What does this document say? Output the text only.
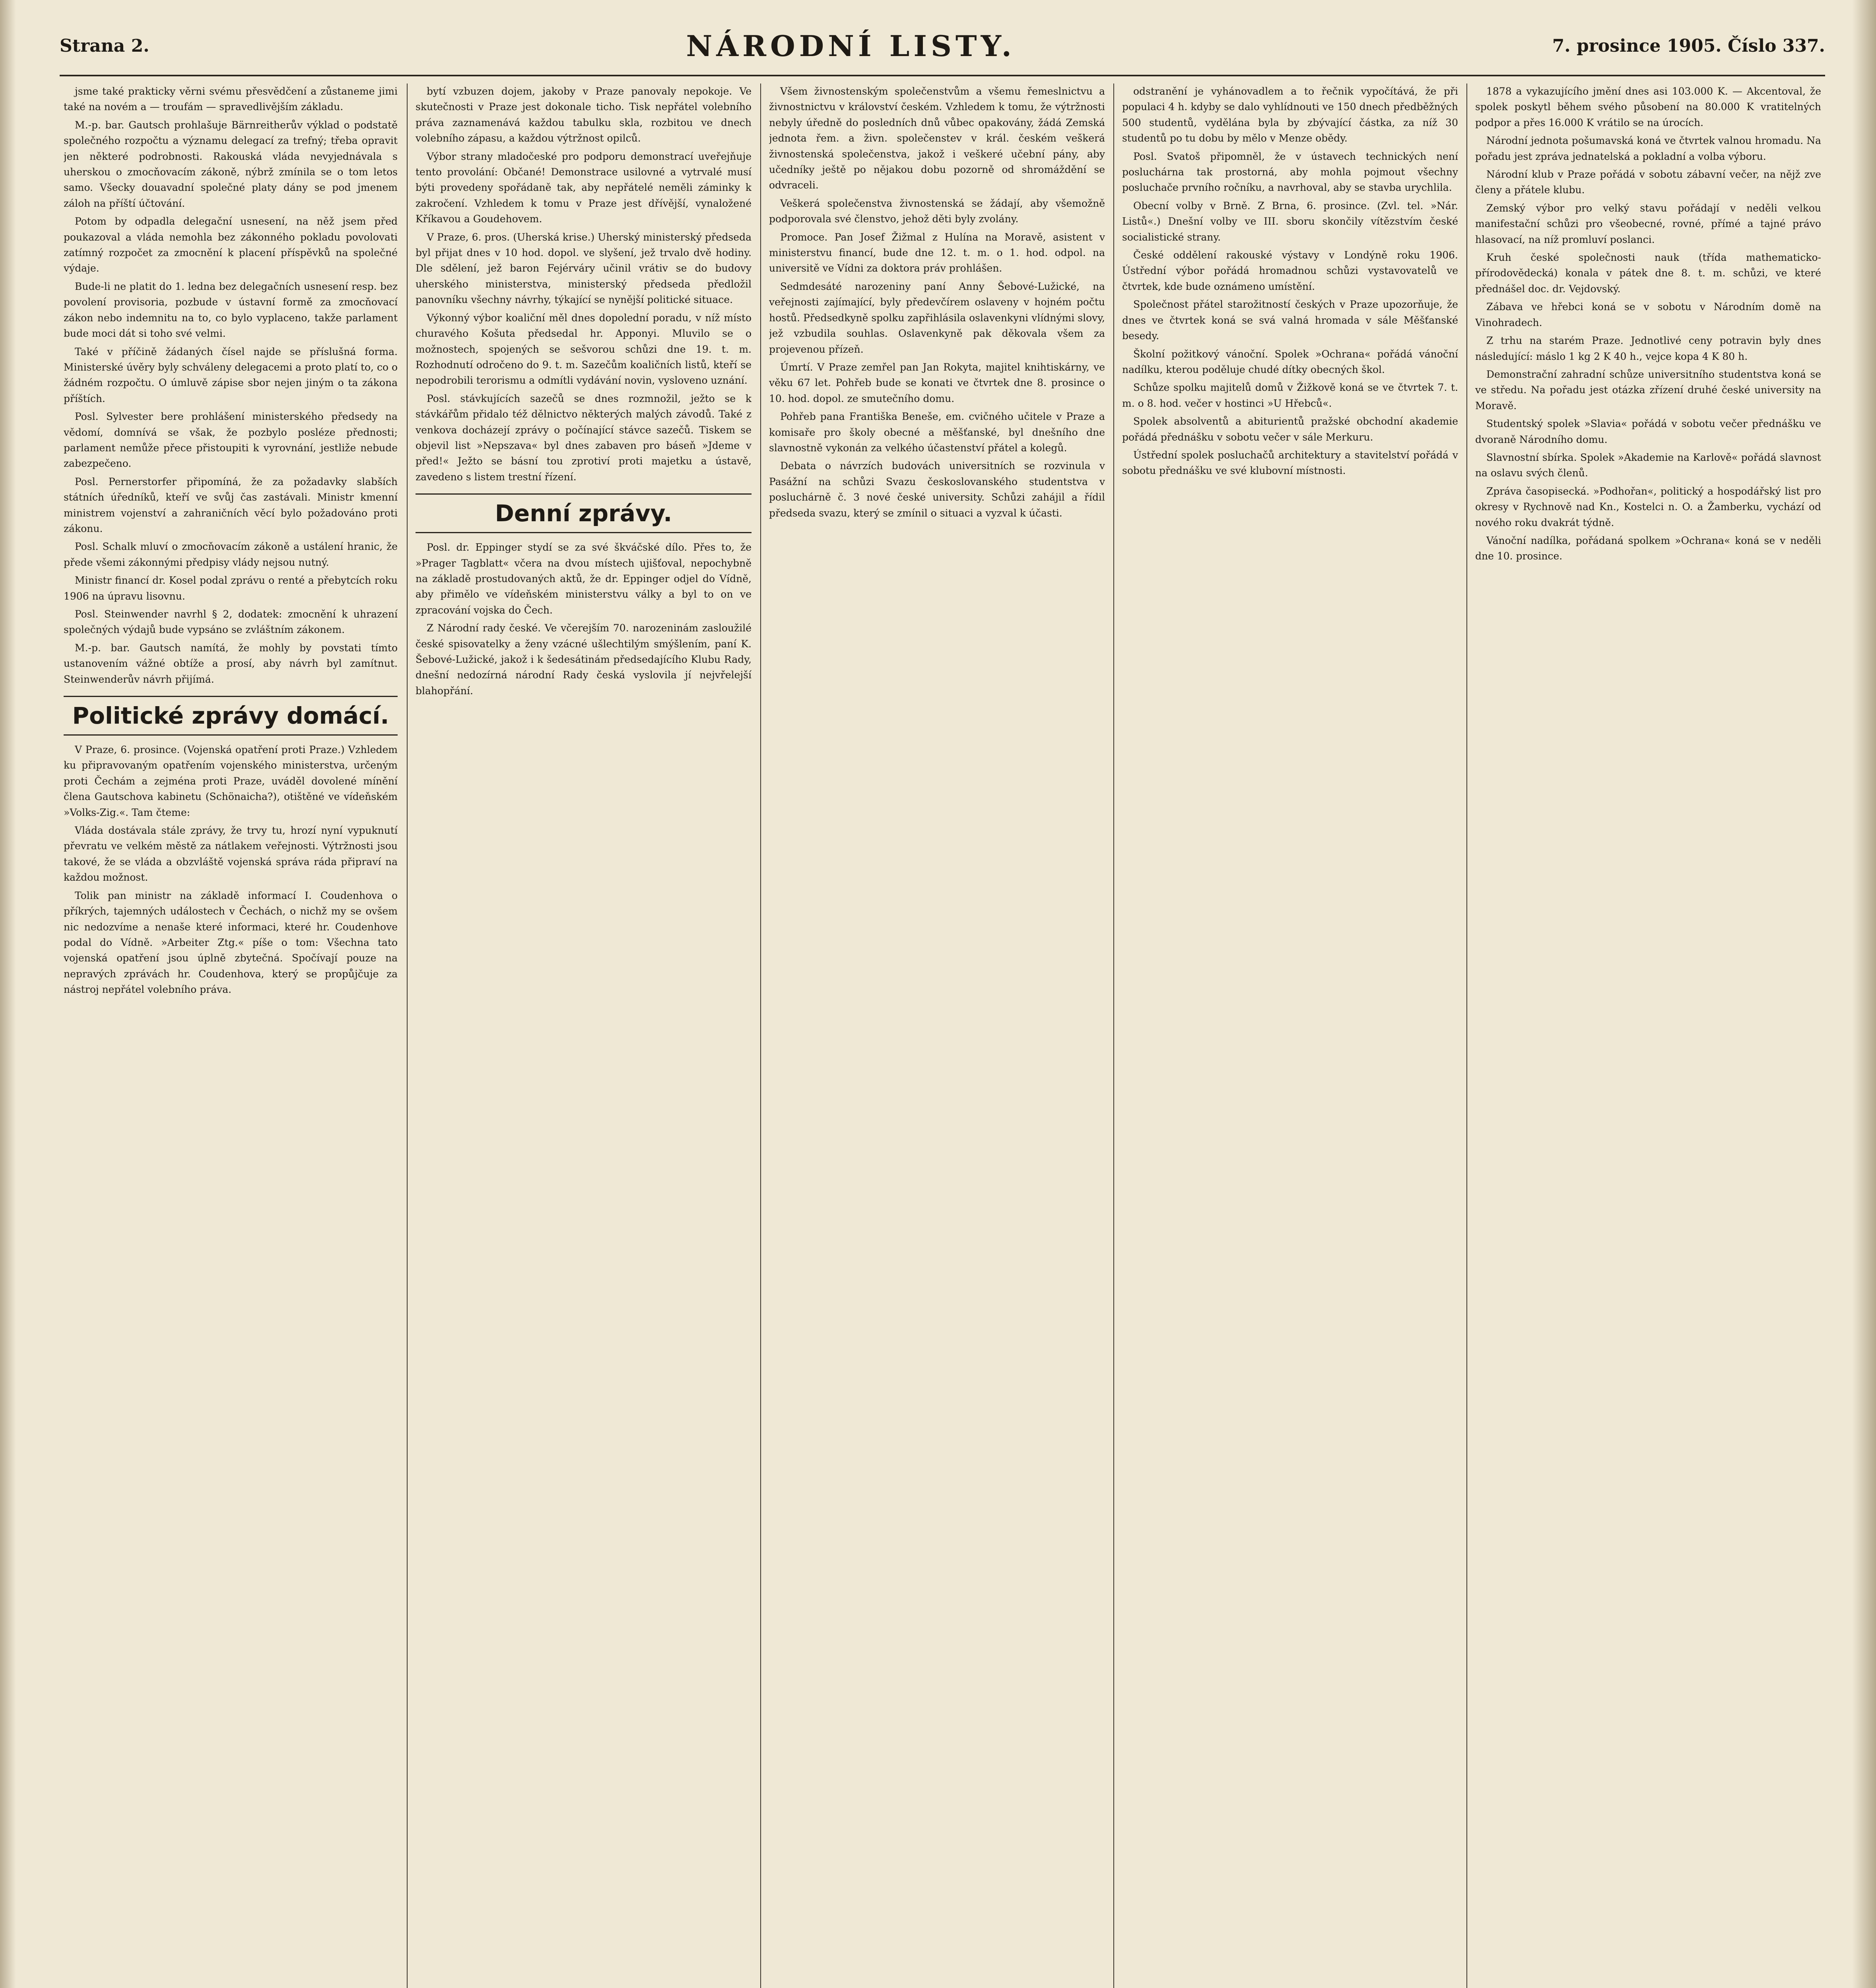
Strana 2.	NÁRODNÍ LISTY.	7. prosince 1905. Číslo 337.

jsme také prakticky věrni svému přesvědčení a zůstaneme jimi také na novém a — troufám — spravedlivějším základu.

M.-p. bar. Gautsch prohlašuje Bärnreitherův výklad o podstatě společného rozpočtu a významu delegací za trefný; třeba opravit jen některé podrobnosti. Rakouská vláda nevyjednávala s uherskou o zmocňovacím zákoně, nýbrž zmínila se o tom letos samo. Všecky douavadní společné platy dány se pod jmenem záloh na příští účtování.

Potom by odpadla delegační usnesení, na něž jsem před poukazoval a vláda nemohla bez zákonného pokladu povolovati zatímný rozpočet za zmocnění k placení příspěvků na společné výdaje.

Bude-li ne platit do 1. ledna bez delegačních usnesení resp. bez povolení provisoria, pozbude v ústavní formě za zmocňovací zákon nebo indemnitu na to, co bylo vyplaceno, takže parlament bude moci dát si toho své velmi.

Také v příčině žádaných čísel najde se příslušná forma. Ministerské úvěry byly schváleny delegacemi a proto platí to, co o žádném rozpočtu. O úmluvě zápise sbor nejen jiným o ta zákona příštích.

Posl. Sylvester bere prohlášení ministerského předsedy na vědomí, domnívá se však, že pozbylo posléze přednosti; parlament nemůže přece přistoupiti k vyrovnání, jestliže nebude zabezpečeno.

Posl. Pernerstorfer připomíná, že za požadavky slabších státních úředníků, kteří ve svůj čas zastávali. Ministr kmenní ministrem vojenství a zahraničních věcí bylo požadováno proti zákonu.

Posl. Schalk mluví o zmocňovacím zákoně a ustálení hranic, že přede všemi zákonnými předpisy vlády nejsou nutný.

Ministr financí dr. Kosel podal zprávu o renté a přebytcích roku 1906 na úpravu lisovnu.

Posl. Steinwender navrhl § 2, dodatek: zmocnění k uhrazení společných výdajů bude vypsáno se zvláštním zákonem.

M.-p. bar. Gautsch namítá, že mohly by povstati tímto ustanovením vážné obtíže a prosí, aby návrh byl zamítnut. Steinwenderův návrh přijímá.

Politické zprávy domácí.

V Praze, 6. prosince. (Vojenská opatření proti Praze.) Vzhledem ku připravovaným opatřením vojenského ministerstva, určeným proti Čechám a zejména proti Praze, uváděl dovolené mínění člena Gautschova kabinetu (Schönaicha?), otištěné ve vídeňském »Volks-Zig.«. Tam čteme:

Vláda dostávala stále zprávy, že trvy tu, hrozí nyní vypuknutí převratu ve velkém městě za nátlakem veřejnosti. Výtržnosti jsou takové, že se vláda a obzvláště vojenská správa ráda připraví na každou možnost.

Tolik pan ministr na základě informací I. Coudenhova o příkrých, tajemných událostech v Čechách, o nichž my se ovšem nic nedozvíme a nenaše které informaci, které hr. Coudenhove podal do Vídně. »Arbeiter Ztg.« píše o tom: Všechna tato vojenská opatření jsou úplně zbytečná. Spočívají pouze na nepravých zprávách hr. Coudenhova, který se propůjčuje za nástroj nepřátel volebního práva.

bytí vzbuzen dojem, jakoby v Praze panovaly nepokoje. Ve skutečnosti v Praze jest dokonale ticho. Tisk nepřátel volebního práva zaznamenává každou tabulku skla, rozbitou ve dnech volebního zápasu, a každou výtržnost opilců.

Výbor strany mladočeské pro podporu demonstrací uveřejňuje tento provolání: Občané! Demonstrace usilovné a vytrvalé musí býti provedeny spořádaně tak, aby nepřátelé neměli záminky k zakročení. Vzhledem k tomu v Praze jest dřívější, vynaložené Kříkavou a Goudehovem.

V Praze, 6. pros. (Uherská krise.) Uherský ministerský předseda byl přijat dnes v 10 hod. dopol. ve slyšení, jež trvalo dvě hodiny. Dle sdělení, jež baron Fejérváry učinil vrátiv se do budovy uherského ministerstva, ministerský předseda předložil panovníku všechny návrhy, týkající se nynější politické situace.

Výkonný výbor koaliční měl dnes dopolední poradu, v níž místo churavého Košuta předsedal hr. Apponyi. Mluvilo se o možnostech, spojených se sešvorou schůzi dne 19. t. m. Rozhodnutí odročeno do 9. t. m. Sazečům koaličních listů, kteří se nepodrobili terorismu a odmítli vydávání novin, vyslovenо uznání.

Posl. stávkujících sazečů se dnes rozmnožil, ježto se k stávkářům přidalo též dělnictvo některých malých závodů. Také z venkova docházejí zprávy o počínající stávce sazečů. Tiskem se objevil list »Nepszava« byl dnes zabaven pro báseň »Jdeme v před!« Ježto se básní tou zprotiví proti majetku a ústavě, zavedeno s listem trestní řízení.

Denní zprávy.

Posl. dr. Eppinger stydí se za své škváčské dílo. Přes to, že »Prager Tagblatt« včera na dvou místech ujišťoval, nepochybně na základě prostudovaných aktů, že dr. Eppinger odjel do Vídně, aby přimělo ve vídeňském ministerstvu války a byl to on ve zpracování vojska do Čech.

Z Národní rady české. Ve včerejším 70. narozeninám zasloužilé české spisovatelky a ženy vzácné ušlechtilým smýšlením, paní K. Šebové-Lužické, jakož i k šedesátinám předsedajícího Klubu Rady, dnešní nedozírná národní Rady česká vyslovila jí nejvřelejší blahopřání.

Všem živnostenským společenstvům a všemu řemeslnictvu a živnostnictvu v království českém. Vzhledem k tomu, že výtržnosti nebyly úředně do posledních dnů vůbec opakovány, žádá Zemská jednota řem. a živn. společenstev v král. českém veškerá živnostenská společenstva, jakož i veškeré učební pány, aby učedníky ještě po nějakou dobu pozorně od shromáždění se odvraceli.

Veškerá společenstva živnostenská se žádají, aby všemožně podporovala své členstvo, jehož děti byly zvolány.

Promoce. Pan Josef Žižmal z Hulína na Moravě, asistent v ministerstvu financí, bude dne 12. t. m. o 1. hod. odpol. na universitě ve Vídni za doktora práv prohlášen.

Sedmdesáté narozeniny paní Anny Šebové-Lužické, na veřejnosti zajímající, byly předevčírem oslaveny v hojném počtu hostů. Předsedkyně spolku zapřihlásila oslavenkyni vlídnými slovy, jež vzbudila souhlas. Oslavenkyně pak děkovala všem za projevenou přízeň.

Úmrtí. V Praze zemřel pan Jan Rokyta, majitel knihtiskárny, ve věku 67 let. Pohřeb bude se konati ve čtvrtek dne 8. prosince o 10. hod. dopol. ze smutečního domu.

Pohřeb pana Františka Beneše, em. cvičného učitele v Praze a komisaře pro školy obecné a měšťanské, byl dnešního dne slavnostně vykonán za velkého účastenství přátel a kolegů.

Debata o návrzích budovách universitních se rozvinula v Pasážní na schůzi Svazu českoslovanského studentstva v posluchárně č. 3 nové české university. Schůzi zahájil a řídil předseda svazu, který se zmínil o situaci a vyzval k účasti.

odstranění je vyhánovadlem a to řečnik vypočítává, že při populaci 4 h. kdyby se dalo vyhlídnouti ve 150 dnech předběžných 500 studentů, vydělána byla by zbývající částka, za níž 30 studentů po tu dobu by mělo v Menze obědy.

Posl. Svatoš připomněl, že v ústavech technických není posluchárna tak prostorná, aby mohla pojmout všechny posluchače prvního ročníku, a navrhoval, aby se stavba urychlila.

Obecní volby v Brně. Z Brna, 6. prosince. (Zvl. tel. »Nár. Listů«.) Dnešní volby ve III. sboru skončily vítězstvím české socialistické strany.

České oddělení rakouské výstavy v Londýně roku 1906. Ústřední výbor pořádá hromadnou schůzi vystavovatelů ve čtvrtek, kde bude oznámeno umístění.

Společnost přátel starožitností českých v Praze upozorňuje, že dnes ve čtvrtek koná se svá valná hromada v sále Měšťanské besedy.

Školní požitkový vánoční. Spolek »Ochrana« pořádá vánoční nadílku, kterou poděluje chudé dítky obecných škol.

Schůze spolku majitelů domů v Žižkově koná se ve čtvrtek 7. t. m. o 8. hod. večer v hostinci »U Hřebců«.

Spolek absolventů a abiturientů pražské obchodní akademie pořádá přednášku v sobotu večer v sále Merkuru.

Ústřední spolek posluchačů architektury a stavitelství pořádá v sobotu přednášku ve své klubovní místnosti.

1878 a vykazujícího jmění dnes asi 103.000 K. — Akcentoval, že spolek poskytl během svého působení na 80.000 K vratitelných podpor a přes 16.000 K vrátilo se na úrocích.

Národní jednota pošumavská koná ve čtvrtek valnou hromadu. Na pořadu jest zpráva jednatelská a pokladní a volba výboru.

Národní klub v Praze pořádá v sobotu zábavní večer, na nějž zve členy a přátele klubu.

Zemský výbor pro velký stavu pořádají v neděli velkou manifestační schůzi pro všeobecné, rovné, přímé a tajné právo hlasovací, na níž promluví poslanci.

Kruh české společnosti nauk (třída mathematicko-přírodovědecká) konala v pátek dne 8. t. m. schůzi, ve které přednášel doc. dr. Vejdovský.

Zábava ve hřebci koná se v sobotu v Národním domě na Vinohradech.

Z trhu na starém Praze. Jednotlivé ceny potravin byly dnes následující: máslo 1 kg 2 K 40 h., vejce kopa 4 K 80 h.

Demonstrační zahradní schůze universitního studentstva koná se ve středu. Na pořadu jest otázka zřízení druhé české university na Moravě.

Studentský spolek »Slavia« pořádá v sobotu večer přednášku ve dvoraně Národního domu.

Slavnostní sbírka. Spolek »Akademie na Karlově« pořádá slavnost na oslavu svých členů.

Zpráva časopisecká. »Podhořan«, politický a hospodářský list pro okresy v Rychnově nad Kn., Kostelci n. O. a Žamberku, vychází od nového roku dvakrát týdně.

Vánoční nadílka, pořádaná spolkem »Ochrana« koná se v neděli dne 10. prosince.
